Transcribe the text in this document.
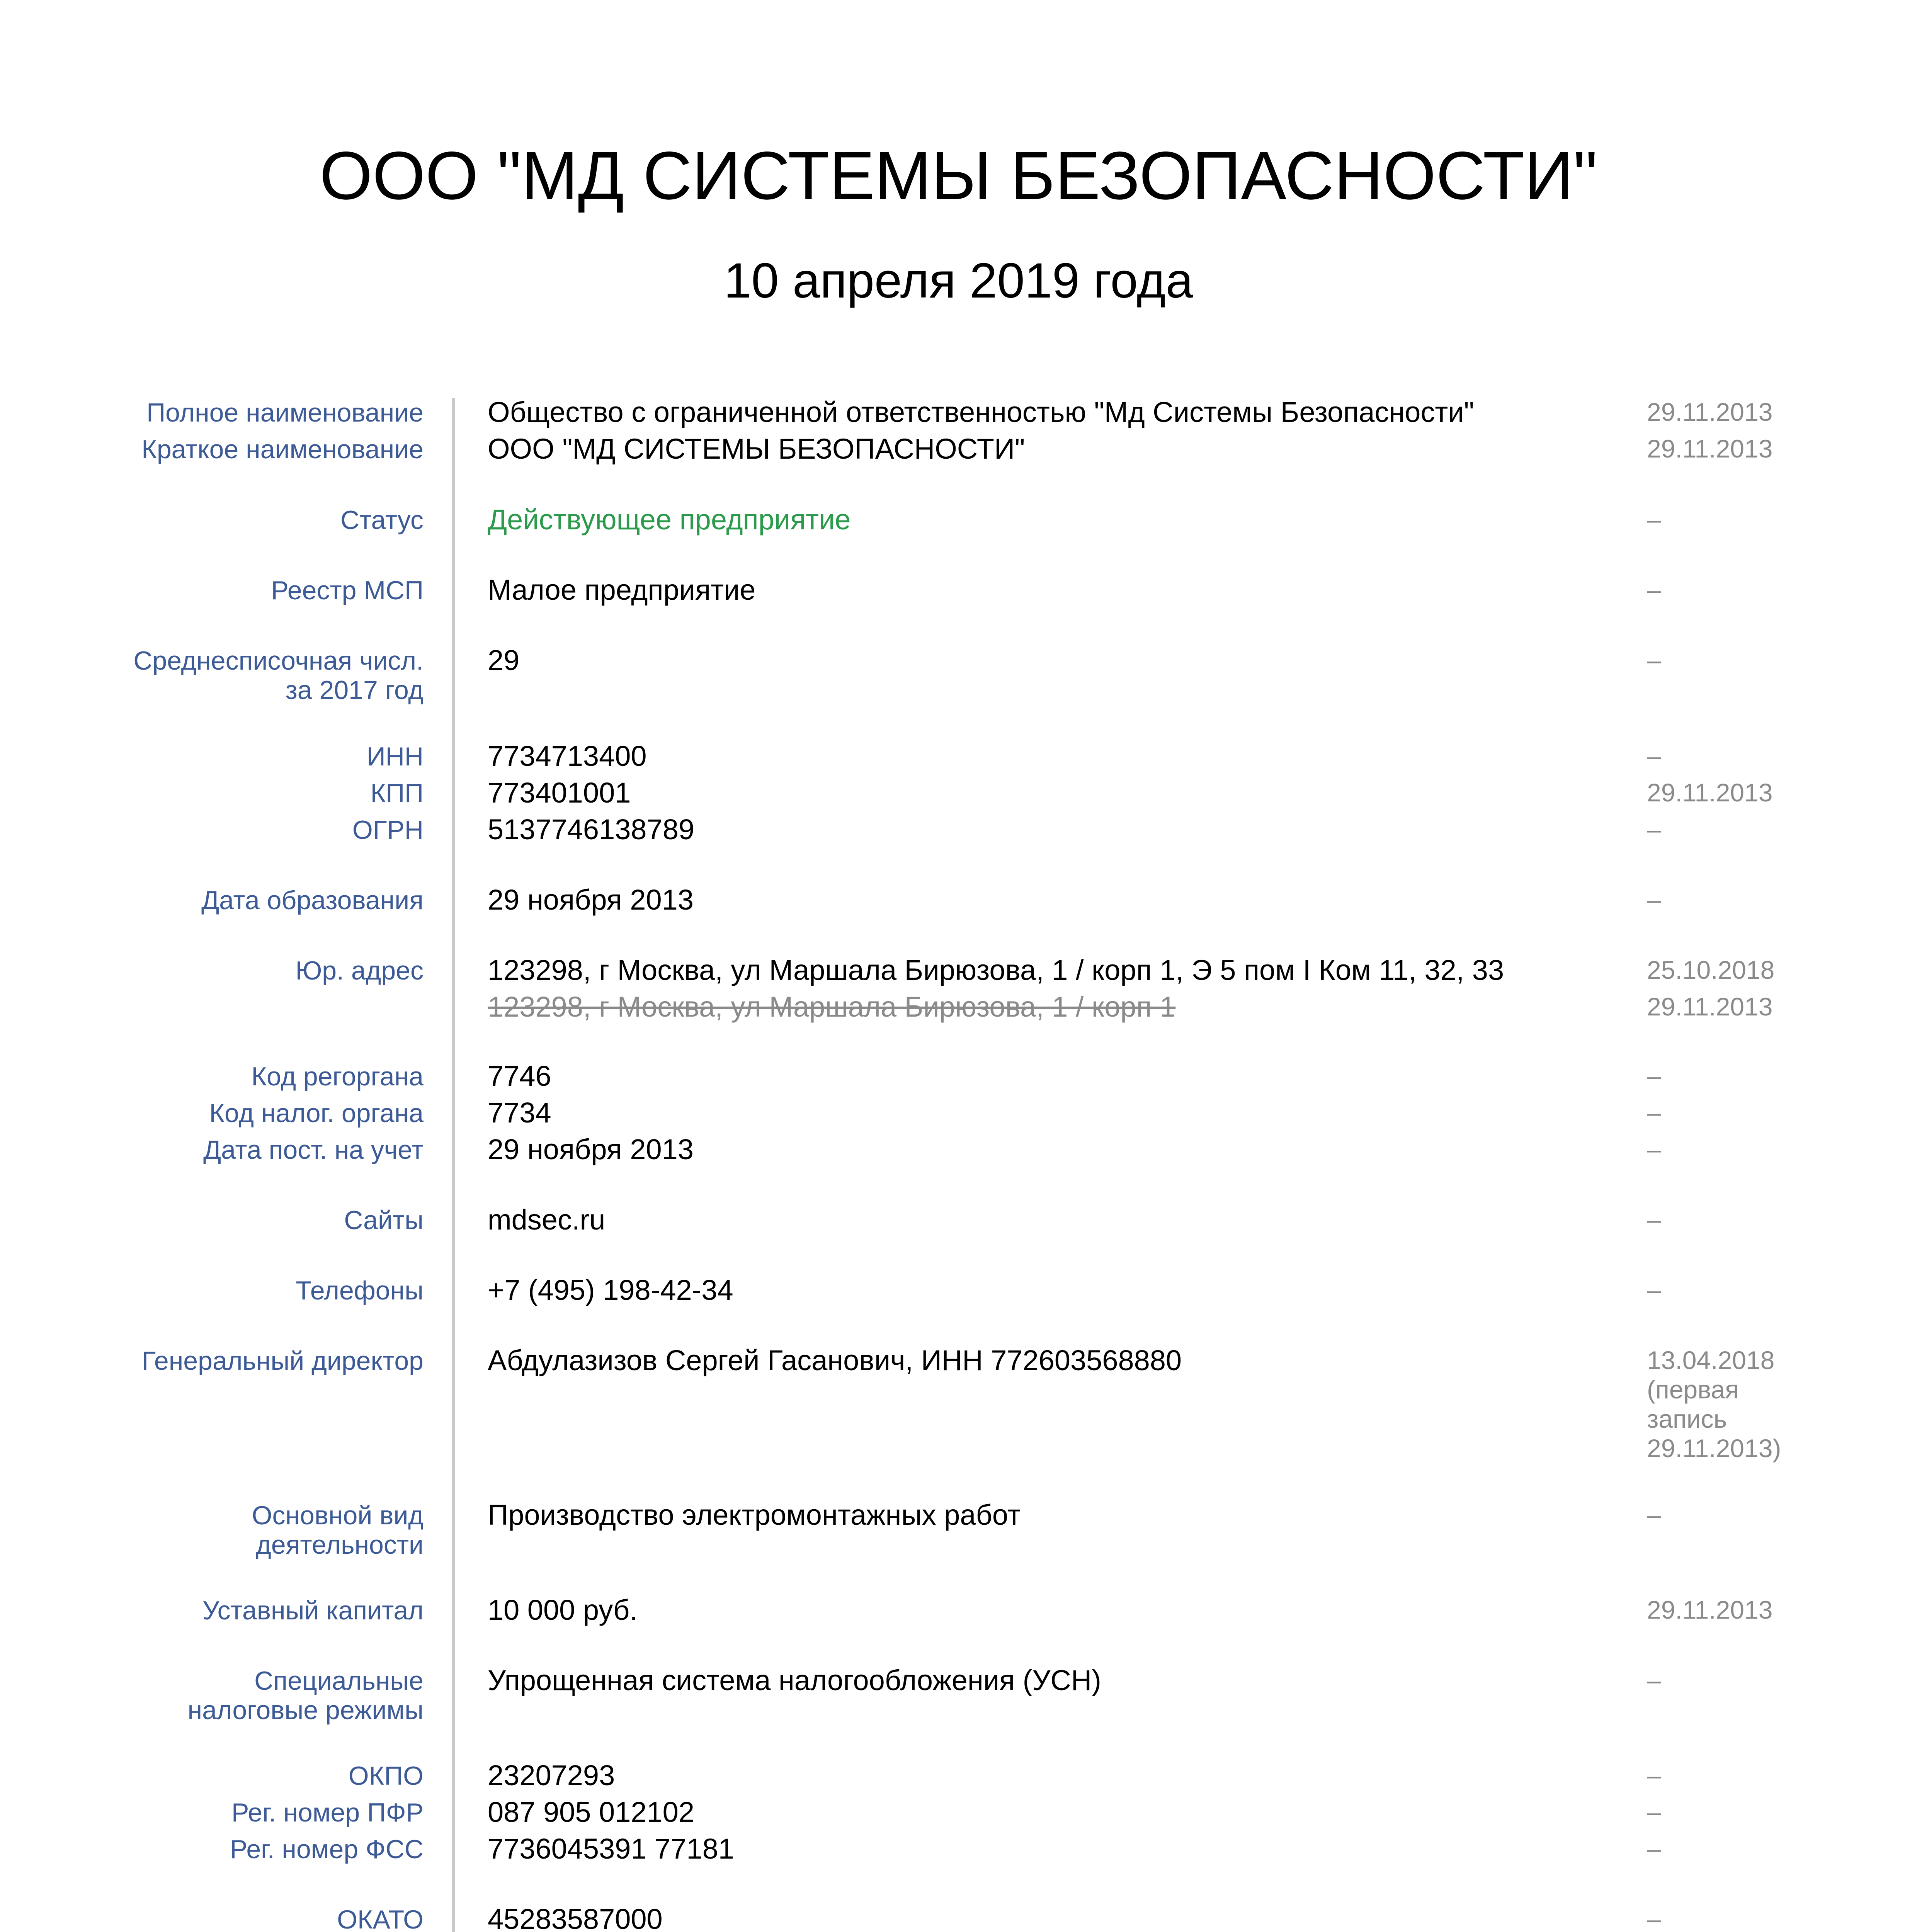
ООО "МД СИСТЕМЫ БЕЗОПАСНОСТИ"
10 апреля 2019 года
Полное наименование Общество с ограниченной ответственностью "Мд Системы Безопасности"	29.11.2013
Краткое наименование ООО "МД СИСТЕМЫ БЕЗОПАСНОСТИ"	29.11.2013
Статус Действующее предприятие	–
Реестр МСП Малое предприятие	–
Среднесписочная числ.
за 2017 год
29	–
ИНН 7734713400	–
КПП 773401001	29.11.2013
ОГРН 5137746138789	–
Дата образования 29 ноября 2013	–
Юр. адрес 123298, г Москва, ул Маршала Бирюзова, 1 / корп 1, Э 5 пом I Ком 11, 32, 33	25.10.2018
123298, г Москва, ул Маршала Бирюзова, 1 / корп 1	29.11.2013
Код регоргана 7746	–
Код налог. органа 7734	–
Дата пост. на учет 29 ноября 2013	–
Сайты mdsec.ru	–
Телефоны +7 (495) 198-42-34	–
Генеральный директор Абдулазизов Сергей Гасанович, ИНН 772603568880	13.04.2018
(первая
запись
29.11.2013)
Основной вид
деятельности
Производство электромонтажных работ	–
Уставный капитал 10 000 руб.	29.11.2013
Специальные
налоговые режимы
Упрощенная система налогообложения (УСН)	–
ОКПО 23207293	–
Рег. номер ПФР 087 905 012102	–
Рег. номер ФСС 7736045391 77181	–
ОКАТО 45283587000	–
